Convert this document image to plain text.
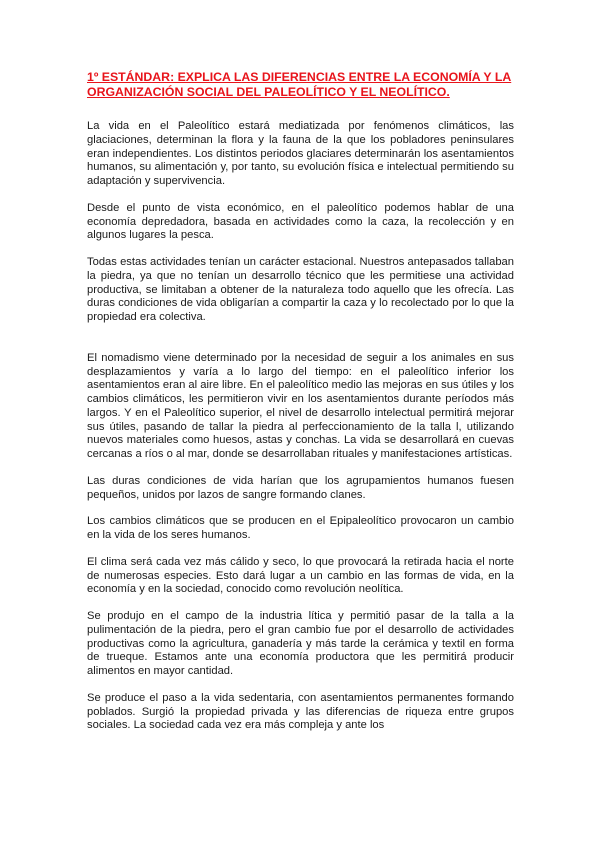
1º ESTÁNDAR: EXPLICA LAS DIFERENCIAS ENTRE LA ECONOMÍA Y LA ORGANIZACIÓN SOCIAL DEL PALEOLÍTICO Y EL NEOLÍTICO.

La vida en el Paleolítico estará mediatizada por fenómenos climáticos, las glaciaciones, determinan la flora y la fauna de la que los pobladores peninsulares eran independientes. Los distintos periodos glaciares determinarán los asentamientos humanos, su alimentación y, por tanto, su evolución física e intelectual permitiendo su adaptación y supervivencia.

Desde el punto de vista económico, en el paleolítico podemos hablar de una economía depredadora, basada en actividades como la caza, la recolección y en algunos lugares la pesca.

Todas estas actividades tenían un carácter estacional. Nuestros antepasados tallaban la piedra, ya que no tenían un desarrollo técnico que les permitiese una actividad productiva, se limitaban a obtener de la naturaleza todo aquello que les ofrecía. Las duras condiciones de vida obligarían a compartir la caza y lo recolectado por lo que la propiedad era colectiva.

El nomadismo viene determinado por la necesidad de seguir a los animales en sus desplazamientos y varía a lo largo del tiempo: en el paleolítico inferior los asentamientos eran al aire libre. En el paleolítico medio las mejoras en sus útiles y los cambios climáticos, les permitieron vivir en los asentamientos durante períodos más largos. Y en el Paleolítico superior, el nivel de desarrollo intelectual permitirá mejorar sus útiles, pasando de tallar la piedra al perfeccionamiento de la talla l, utilizando nuevos materiales como huesos, astas y conchas. La vida se desarrollará en cuevas cercanas a ríos o al mar, donde se desarrollaban rituales y manifestaciones artísticas.

Las duras condiciones de vida harían que los agrupamientos humanos fuesen pequeños, unidos por lazos de sangre formando clanes.

Los cambios climáticos que se producen en el Epipaleolítico provocaron un cambio en la vida de los seres humanos.

El clima será cada vez más cálido y seco, lo que provocará la retirada hacia el norte de numerosas especies. Esto dará lugar a un cambio en las formas de vida, en la economía y en la sociedad, conocido como revolución neolítica.

Se produjo en el campo de la industria lítica y permitió pasar de la talla a la pulimentación de la piedra, pero el gran cambio fue por el desarrollo de actividades productivas como la agricultura, ganadería y más tarde la cerámica y textil en forma de trueque. Estamos ante una economía productora que les permitirá producir alimentos en mayor cantidad.

Se produce el paso a la vida sedentaria, con asentamientos permanentes formando poblados. Surgió la propiedad privada y las diferencias de riqueza entre grupos sociales. La sociedad cada vez era más compleja y ante los
